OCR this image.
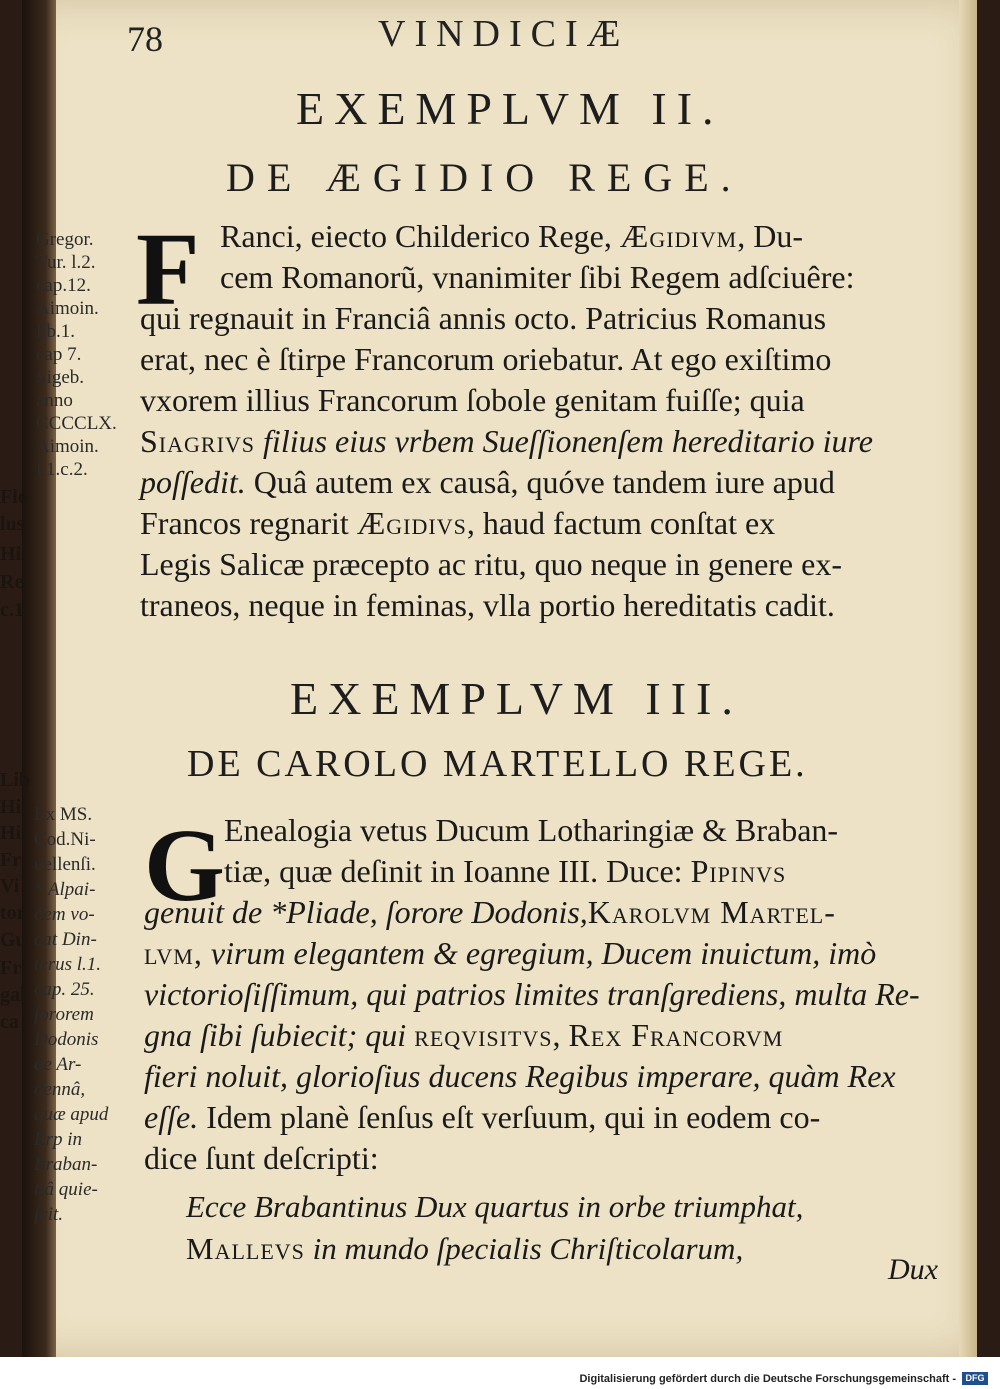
Flo
lus
Hi
Re
c.1
Lib
Hi
Hi
Fr
Vi
tor
Gu
Fr
gal
ca
78	VINDICIÆ
EXEMPLVM II.
DE ÆGIDIO REGE.
F Ranci, eiecto Childerico Rege, Ægidivm, Du-
cem Romanorũ, vnanimiter ſibi Regem adſciuêre:
qui regnauit in Franciâ annis octo. Patricius Romanus
erat, nec è ſtirpe Francorum oriebatur. At ego exiſtimo
vxorem illius Francorum ſobole genitam fuiſſe; quia
Siagrivs filius eius vrbem Sueſſionenſem hereditario iure
poſſedit. Quâ autem ex causâ, quóve tandem iure apud
Francos regnarit Ægidivs, haud factum conſtat ex
Legis Salicæ præcepto ac ritu, quo neque in genere ex-
traneos, neque in feminas, vlla portio hereditatis cadit.
Gregor.
Tur. l.2.
cap.12.
Aimoin.
lib.1.
cap 7.
Sigeb.
anno
CCCCLX.
Aimoin.
l.1.c.2.
EXEMPLVM III.
DE CAROLO MARTELLO REGE.
G Enealogia vetus Ducum Lotharingiæ & Braban-
tiæ, quæ deſinit in Ioanne III. Duce: Pipinvs
genuit de *Pliade, ſorore Dodonis,Karolvm Martel-
lvm, virum elegantem & egregium, Ducem inuictum, imò
victorioſiſſimum, qui patrios limites tranſgrediens, multa Re-
gna ſibi ſubiecit; qui reqvisitvs, Rex Francorvm
fieri noluit, glorioſius ducens Regibus imperare, quàm Rex
eſſe. Idem planè ſenſus eſt verſuum, qui in eodem co-
dice ſunt deſcripti:
Ex MS.
Cod.Ni-
uellenſi.
* Alpai-
dem vo-
cat Din-
terus l.1.
cap. 25.
ſororem
Dodonis
de Ar-
dennâ,
quæ apud
Erp in
Braban-
tiâ quie-
ſcit.	Ecce Brabantinus Dux quartus in orbe triumphat,
Mallevs in mundo ſpecialis Chriſticolarum,
Dux
Digitalisierung gefördert durch die Deutsche Forschungsgemeinschaft -	DFG
